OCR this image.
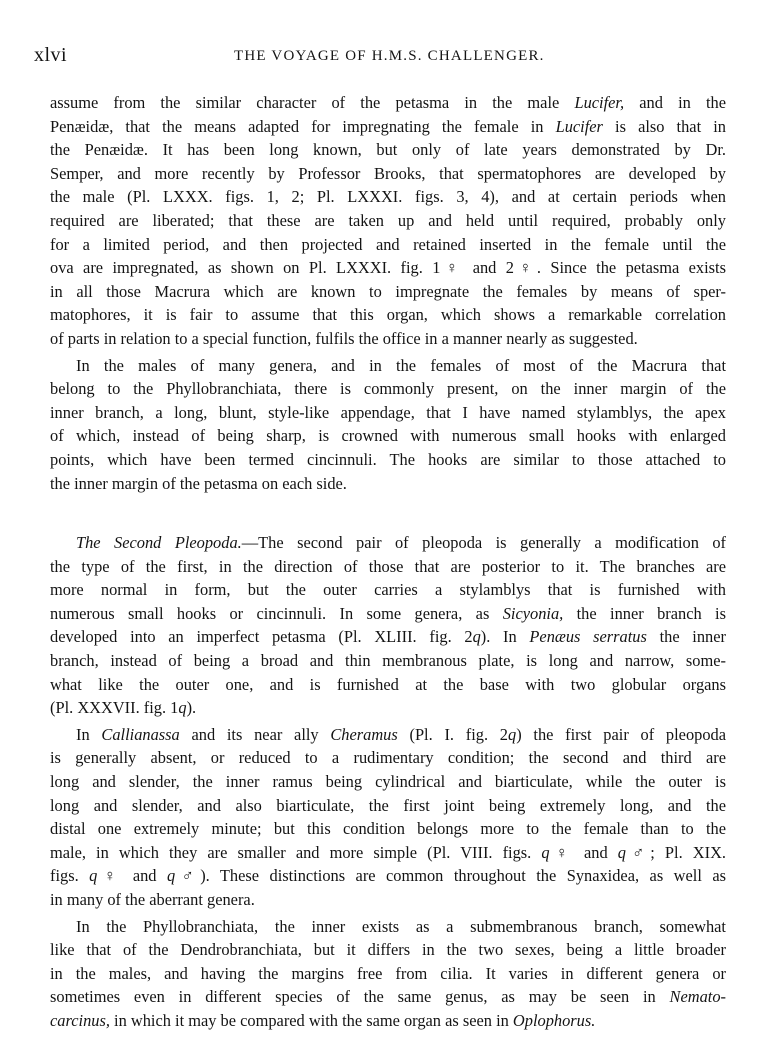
xlvi	THE VOYAGE OF H.M.S. CHALLENGER.
assume from the similar character of the petasma in the male Lucifer, and in the
Penæidæ, that the means adapted for impregnating the female in Lucifer is also that in
the Penæidæ. It has been long known, but only of late years demonstrated by Dr.
Semper, and more recently by Professor Brooks, that spermatophores are developed by
the male (Pl. LXXX. figs. 1, 2; Pl. LXXXI. figs. 3, 4), and at certain periods when
required are liberated; that these are taken up and held until required, probably only
for a limited period, and then projected and retained inserted in the female until the
ova are impregnated, as shown on Pl. LXXXI. fig. 1♀ and 2♀. Since the petasma exists
in all those Macrura which are known to impregnate the females by means of sper-
matophores, it is fair to assume that this organ, which shows a remarkable correlation
of parts in relation to a special function, fulfils the office in a manner nearly as suggested.
In the males of many genera, and in the females of most of the Macrura that
belong to the Phyllobranchiata, there is commonly present, on the inner margin of the
inner branch, a long, blunt, style-like appendage, that I have named stylamblys, the apex
of which, instead of being sharp, is crowned with numerous small hooks with enlarged
points, which have been termed cincinnuli. The hooks are similar to those attached to
the inner margin of the petasma on each side.
The Second Pleopoda.—The second pair of pleopoda is generally a modification of
the type of the first, in the direction of those that are posterior to it. The branches are
more normal in form, but the outer carries a stylamblys that is furnished with
numerous small hooks or cincinnuli. In some genera, as Sicyonia, the inner branch is
developed into an imperfect petasma (Pl. XLIII. fig. 2q). In Penæus serratus the inner
branch, instead of being a broad and thin membranous plate, is long and narrow, some-
what like the outer one, and is furnished at the base with two globular organs
(Pl. XXXVII. fig. 1q).
In Callianassa and its near ally Cheramus (Pl. I. fig. 2q) the first pair of pleopoda
is generally absent, or reduced to a rudimentary condition; the second and third are
long and slender, the inner ramus being cylindrical and biarticulate, while the outer is
long and slender, and also biarticulate, the first joint being extremely long, and the
distal one extremely minute; but this condition belongs more to the female than to the
male, in which they are smaller and more simple (Pl. VIII. figs. q♀ and q♂; Pl. XIX.
figs. q♀ and q♂). These distinctions are common throughout the Synaxidea, as well as
in many of the aberrant genera.
In the Phyllobranchiata, the inner exists as a submembranous branch, somewhat
like that of the Dendrobranchiata, but it differs in the two sexes, being a little broader
in the males, and having the margins free from cilia. It varies in different genera or
sometimes even in different species of the same genus, as may be seen in Nemato-
carcinus, in which it may be compared with the same organ as seen in Oplophorus.
